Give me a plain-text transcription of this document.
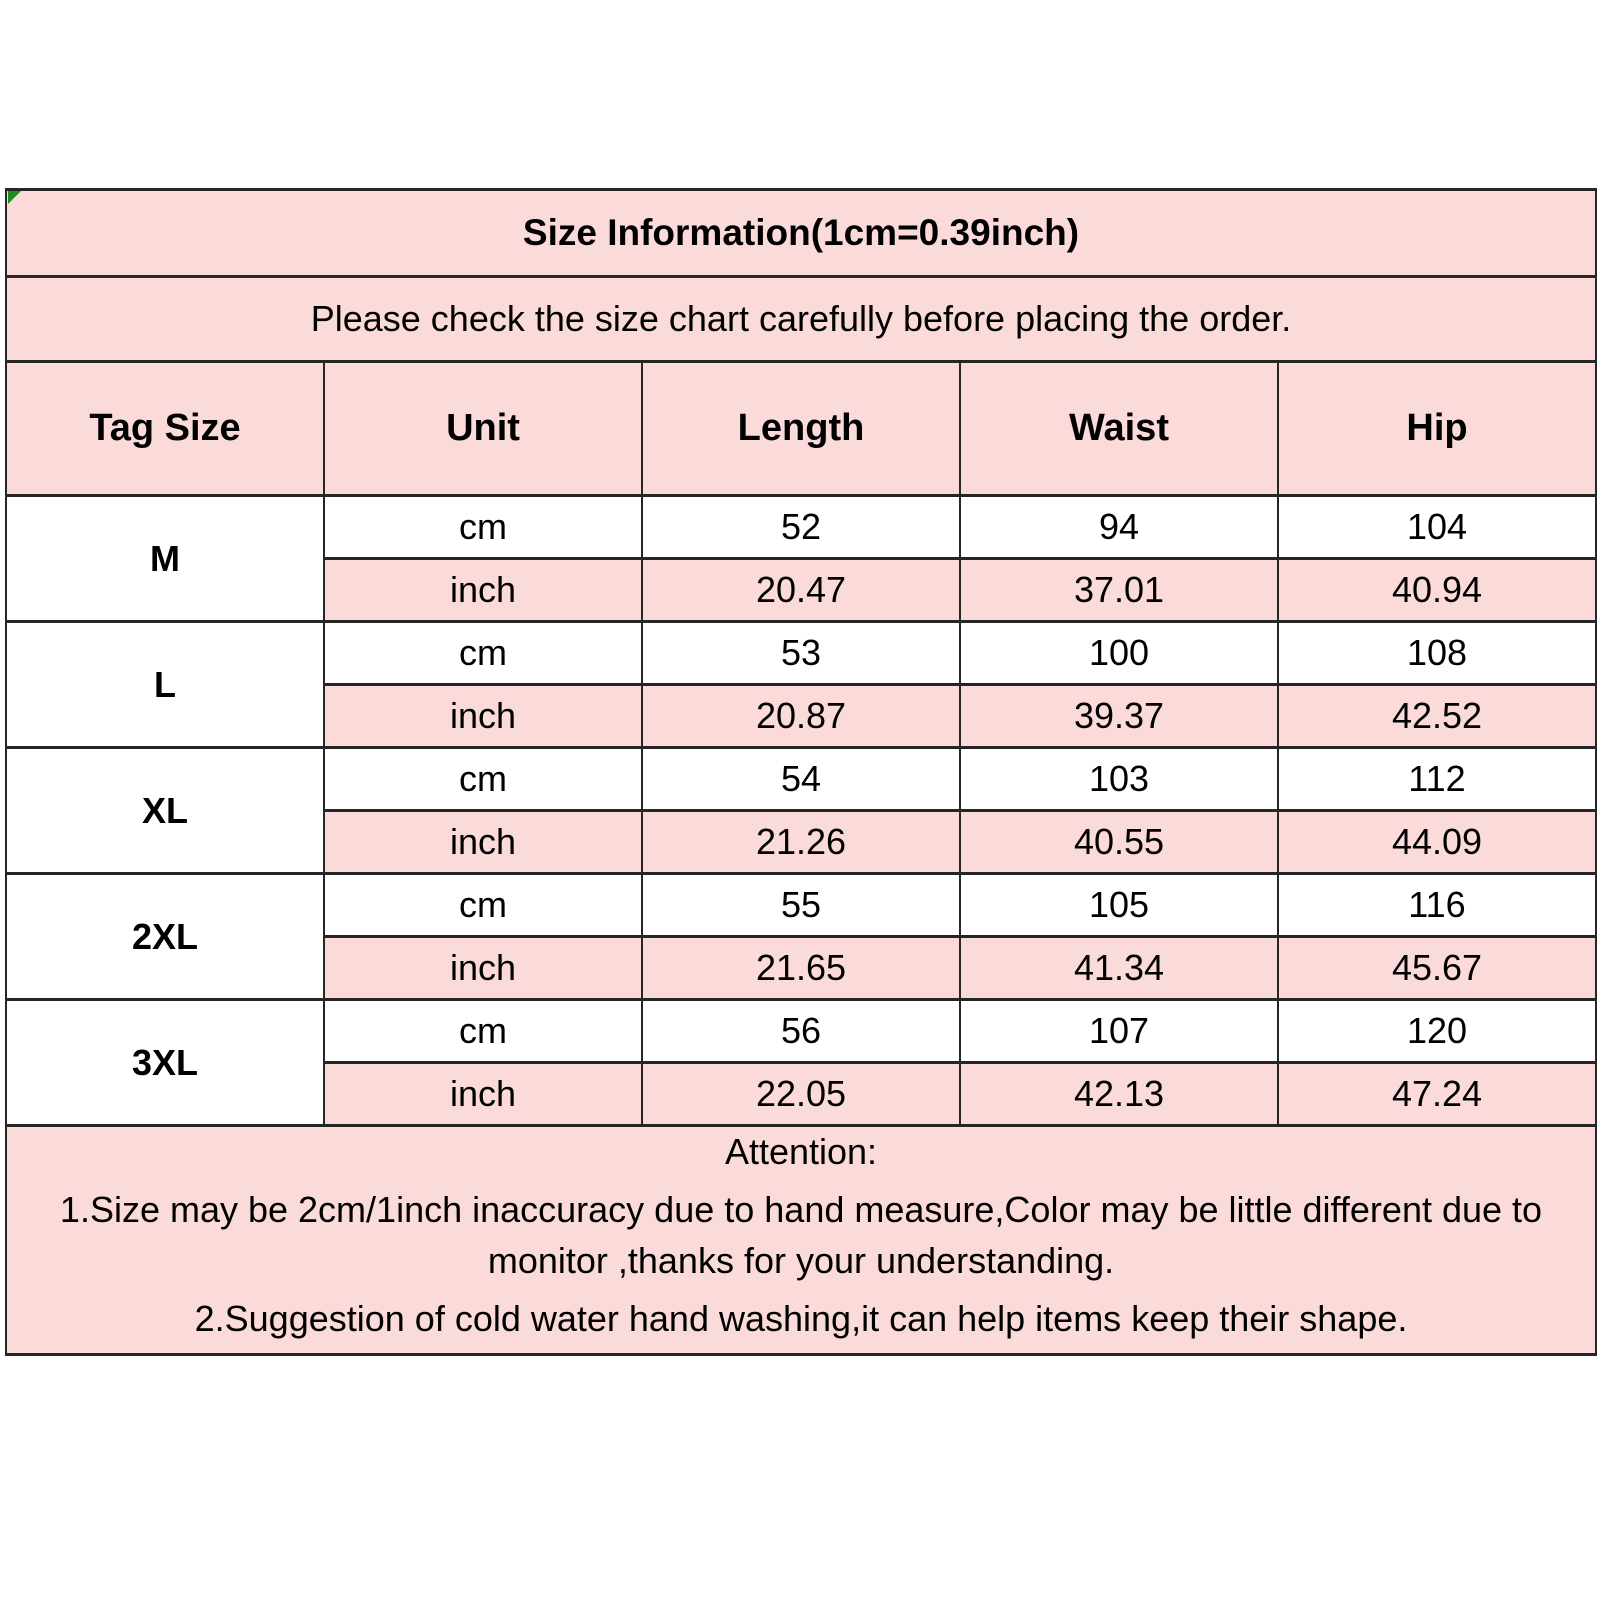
Size Information(1cm=0.39inch)				
Please check the size chart carefully before placing the order.				
Tag Size	Unit	Length	Waist	Hip
M	cm	52	94	104
	inch	20.47	37.01	40.94
L	cm	53	100	108
	inch	20.87	39.37	42.52
XL	cm	54	103	112
	inch	21.26	40.55	44.09
2XL	cm	55	105	116
	inch	21.65	41.34	45.67
3XL	cm	56	107	120
	inch	22.05	42.13	47.24

Attention:
1.Size may be 2cm/1inch inaccuracy due to hand measure,Color may be little different due to monitor ,thanks for your understanding.
2.Suggestion of cold water hand washing,it can help items keep their shape.				
